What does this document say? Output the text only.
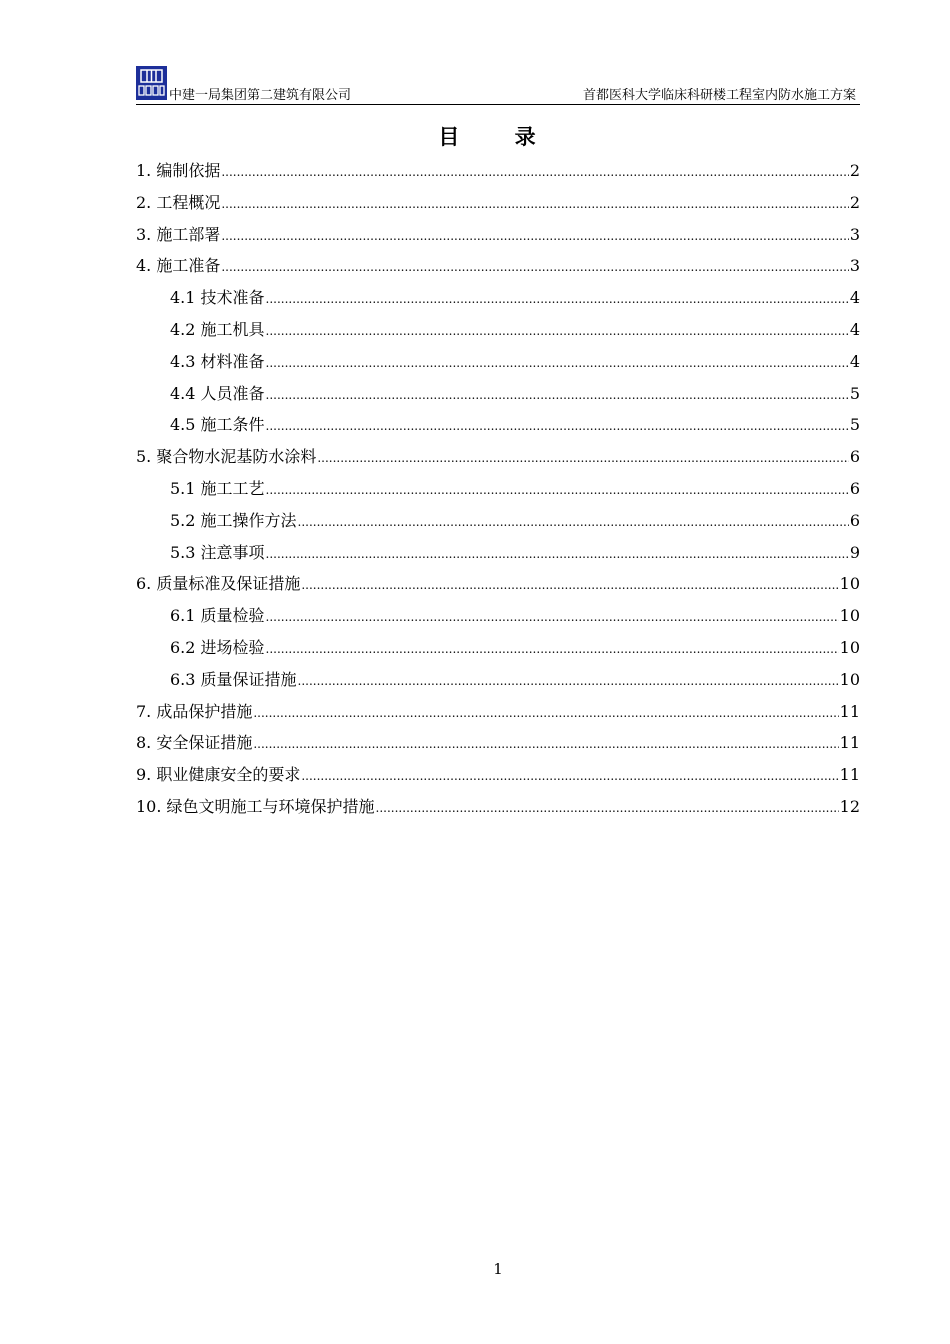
中建一局集团第二建筑有限公司	首都医科大学临床科研楼工程室内防水施工方案
目 录
1. 编制依据 .....	2
2. 工程概况 .....	2
3. 施工部署 .....	3
4. 施工准备 .....	3
4.1 技术准备 .....	4
4.2 施工机具 .....	4
4.3 材料准备 .....	4
4.4 人员准备 .....	5
4.5 施工条件 .....	5
5. 聚合物水泥基防水涂料 .....	6
5.1 施工工艺 .....	6
5.2 施工操作方法 .....	6
5.3 注意事项 .....	9
6. 质量标准及保证措施 .....	10
6.1 质量检验 .....	10
6.2 进场检验 .....	10
6.3 质量保证措施 .....	10
7. 成品保护措施 .....	11
8. 安全保证措施 .....	11
9. 职业健康安全的要求 .....	11
10. 绿色文明施工与环境保护措施 .....	12
1
